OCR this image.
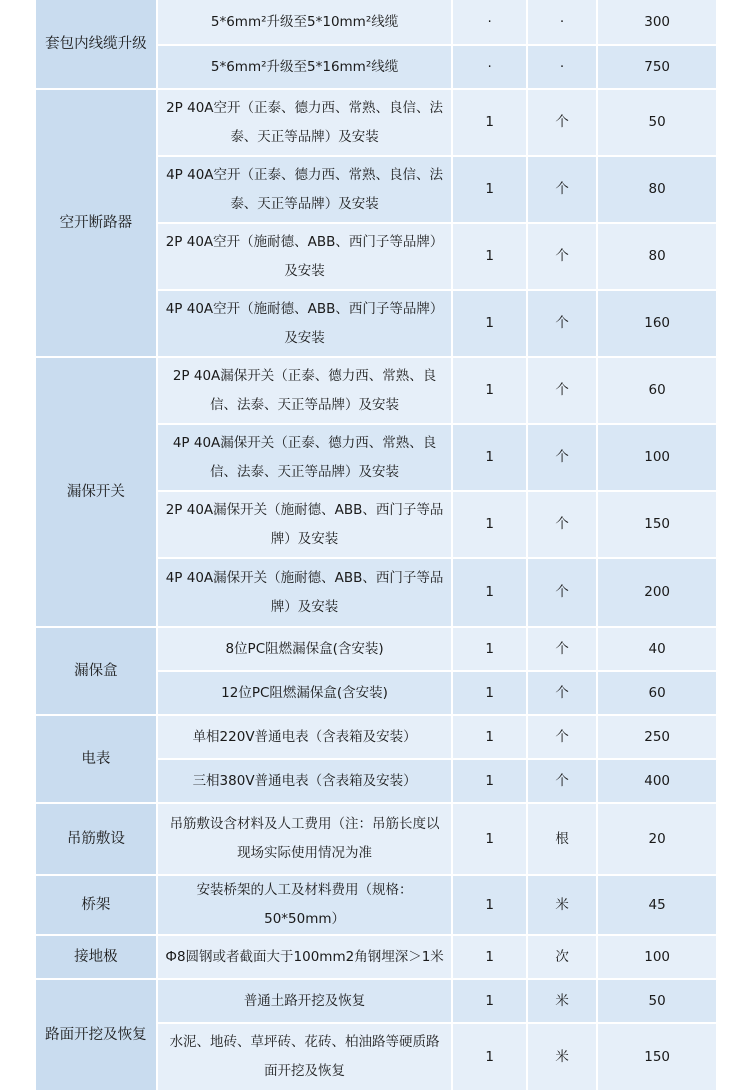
套包内线缆升级	5*6mm²升级至5*10mm²线缆	·	·	300
	5*6mm²升级至5*16mm²线缆	·	·	750
空开断路器	2P 40A空开（正泰、德力西、常熟、良信、法泰、天正等品牌）及安装	1	个	50
	4P 40A空开（正泰、德力西、常熟、良信、法泰、天正等品牌）及安装	1	个	80
	2P 40A空开（施耐德、ABB、西门子等品牌）及安装	1	个	80
	4P 40A空开（施耐德、ABB、西门子等品牌）及安装	1	个	160
漏保开关	2P 40A漏保开关（正泰、德力西、常熟、良信、法泰、天正等品牌）及安装	1	个	60
	4P 40A漏保开关（正泰、德力西、常熟、良信、法泰、天正等品牌）及安装	1	个	100
	2P 40A漏保开关（施耐德、ABB、西门子等品牌）及安装	1	个	150
	4P 40A漏保开关（施耐德、ABB、西门子等品牌）及安装	1	个	200
漏保盒	8位PC阻燃漏保盒(含安装)	1	个	40
	12位PC阻燃漏保盒(含安装)	1	个	60
电表	单相220V普通电表（含表箱及安装）	1	个	250
	三相380V普通电表（含表箱及安装）	1	个	400
吊筋敷设	吊筋敷设含材料及人工费用（注：吊筋长度以现场实际使用情况为准	1	根	20
桥架	安装桥架的人工及材料费用（规格：50*50mm）	1	米	45
接地极	Ф8圆钢或者截面大于100mm2角钢埋深＞1米	1	次	100
路面开挖及恢复	普通土路开挖及恢复	1	米	50
	水泥、地砖、草坪砖、花砖、柏油路等硬质路面开挖及恢复	1	米	150
